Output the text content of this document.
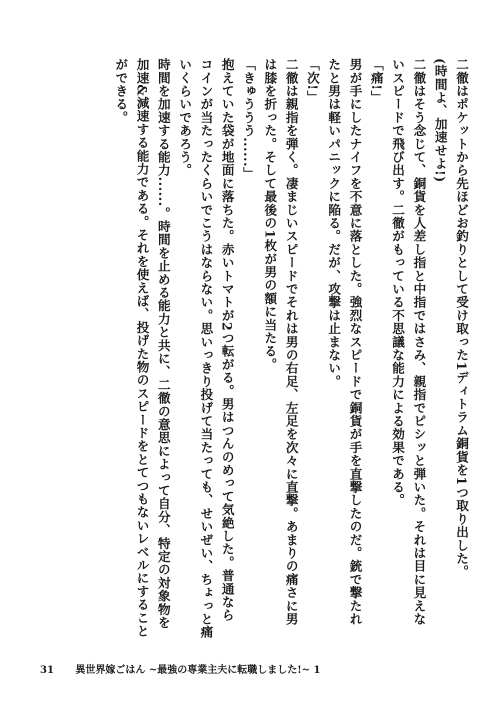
二徹はポケットから先ほどお釣りとして受け取った1ディトラム銅貨を1つ取り出した。
(時間よ、加速せよ!)
二徹はそう念じて、銅貨を人差し指と中指ではさみ、親指でピシッと弾いた。それは目に見えな
いスピードで飛び出す。二徹がもっている不思議な能力による効果である。
「痛!」
男が手にしたナイフを不意に落とした。強烈なスピードで銅貨が手を直撃したのだ。銃で撃たれ
たと男は軽いパニックに陥る。だが、攻撃は止まない。
「次!」
二徹は親指を弾く。凄まじいスピードでそれは男の右足、左足を次々に直撃。あまりの痛さに男
は膝を折った。そして最後の1枚が男の額に当たる。
「きゅううう......」
抱えていた袋が地面に落ちた。赤いトマトが2つ転がる。男はつんのめって気絶した。普通なら
コインが当たったくらいでこうはならない。思いっきり投げて当たっても、せいぜい、ちょっと痛
いくらいであろう。
時間を加速する能力......。時間を止める能力と共に、二徹の意思によって自分、特定の対象物を
加速&減速する能力である。それを使えば、投げた物のスピードをとてつもないレベルにすること
ができる。
31 異世界嫁ごはん ~最強の専業主夫に転職しました!~ 1
